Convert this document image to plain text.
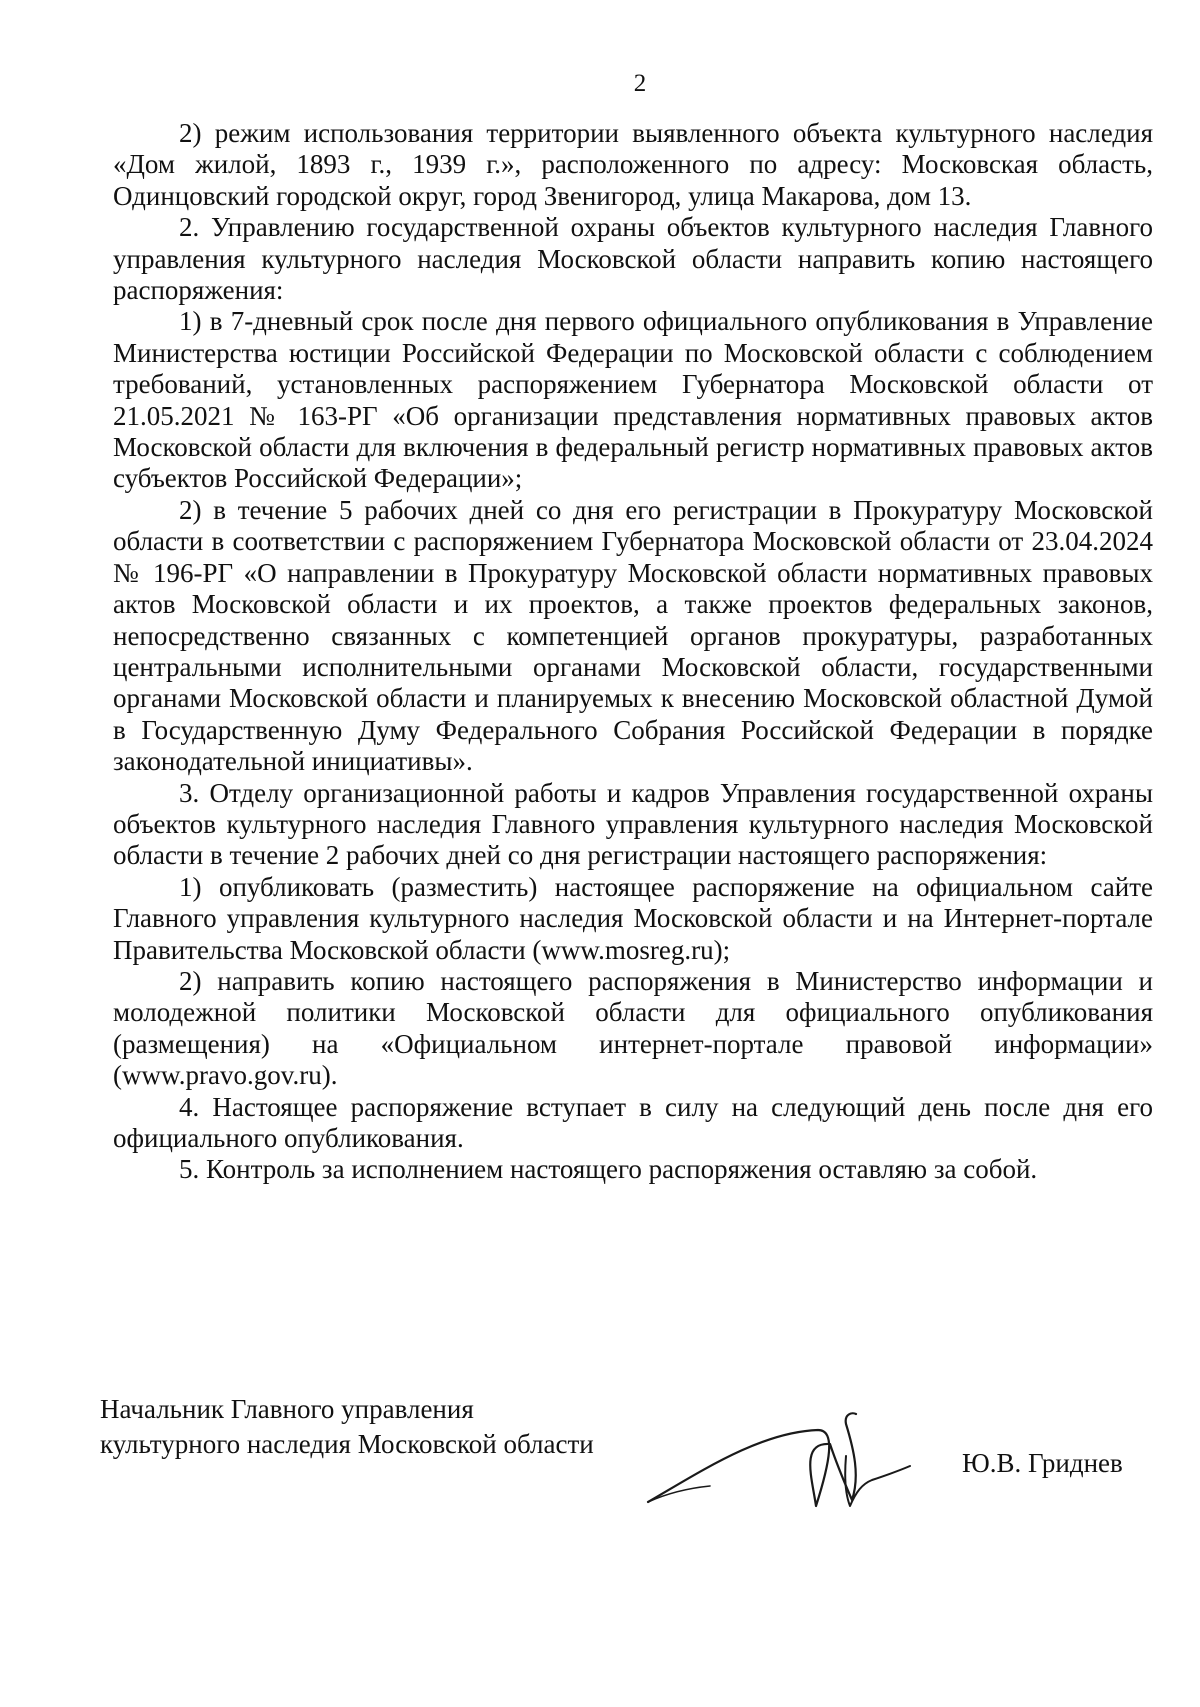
2

2) режим использования территории выявленного объекта культурного наследия «Дом жилой, 1893 г., 1939 г.», расположенного по адресу: Московская область, Одинцовский городской округ, город Звенигород, улица Макарова, дом 13.

2. Управлению государственной охраны объектов культурного наследия Главного управления культурного наследия Московской области направить копию настоящего распоряжения:

1) в 7-дневный срок после дня первого официального опубликования в Управление Министерства юстиции Российской Федерации по Московской области с соблюдением требований, установленных распоряжением Губернатора Московской области от 21.05.2021 № 163-РГ «Об организации представления нормативных правовых актов Московской области для включения в федеральный регистр нормативных правовых актов субъектов Российской Федерации»;

2) в течение 5 рабочих дней со дня его регистрации в Прокуратуру Московской области в соответствии с распоряжением Губернатора Московской области от 23.04.2024 № 196-РГ «О направлении в Прокуратуру Московской области нормативных правовых актов Московской области и их проектов, а также проектов федеральных законов, непосредственно связанных с компетенцией органов прокуратуры, разработанных центральными исполнительными органами Московской области, государственными органами Московской области и планируемых к внесению Московской областной Думой в Государственную Думу Федерального Собрания Российской Федерации в порядке законодательной инициативы».

3. Отделу организационной работы и кадров Управления государственной охраны объектов культурного наследия Главного управления культурного наследия Московской области в течение 2 рабочих дней со дня регистрации настоящего распоряжения:

1) опубликовать (разместить) настоящее распоряжение на официальном сайте Главного управления культурного наследия Московской области и на Интернет-портале Правительства Московской области (www.mosreg.ru);

2) направить копию настоящего распоряжения в Министерство информации и молодежной политики Московской области для официального опубликования (размещения) на «Официальном интернет-портале правовой информации» (www.pravo.gov.ru).

4. Настоящее распоряжение вступает в силу на следующий день после дня его официального опубликования.

5. Контроль за исполнением настоящего распоряжения оставляю за собой.

Начальник Главного управления
культурного наследия Московской области
Ю.В. Гриднев
